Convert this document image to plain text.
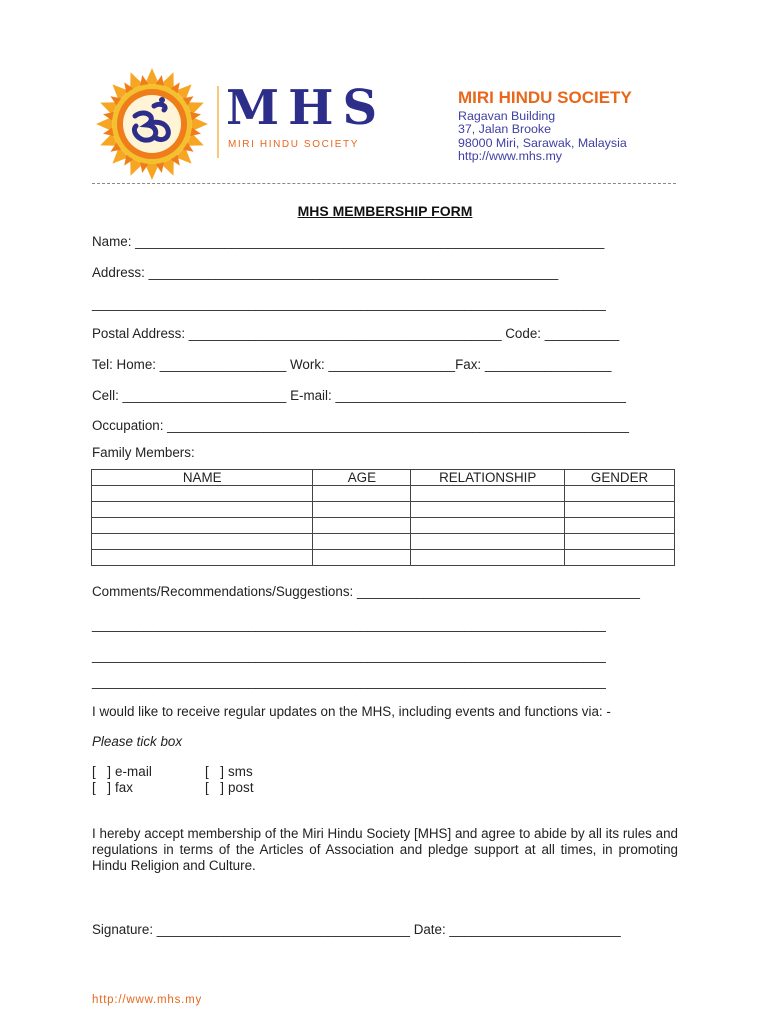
MHS
MIRI HINDU SOCIETY
MIRI HINDU SOCIETY
Ragavan Building
37, Jalan Brooke
98000 Miri, Sarawak, Malaysia
http://www.mhs.my
MHS MEMBERSHIP FORM
Name: _______________________________________________________________
Address: _______________________________________________________
_____________________________________________________________________
Postal Address: __________________________________________ Code: __________
Tel: Home: _________________ Work: _________________Fax: _________________
Cell: ______________________ E-mail: _______________________________________
Occupation: ______________________________________________________________
Family Members:
NAME	AGE	RELATIONSHIP	GENDER

Comments/Recommendations/Suggestions: ______________________________________
_____________________________________________________________________
_____________________________________________________________________
_____________________________________________________________________
I would like to receive regular updates on the MHS, including events and functions via: -
Please tick box
[   ] e-mail
[   ] fax
[   ] sms
[   ] post
I hereby accept membership of the Miri Hindu Society [MHS] and agree to abide by all its rules and regulations in terms of the Articles of Association and pledge support at all times, in promoting Hindu Religion and Culture.
Signature: __________________________________ Date: _______________________
http://www.mhs.my
